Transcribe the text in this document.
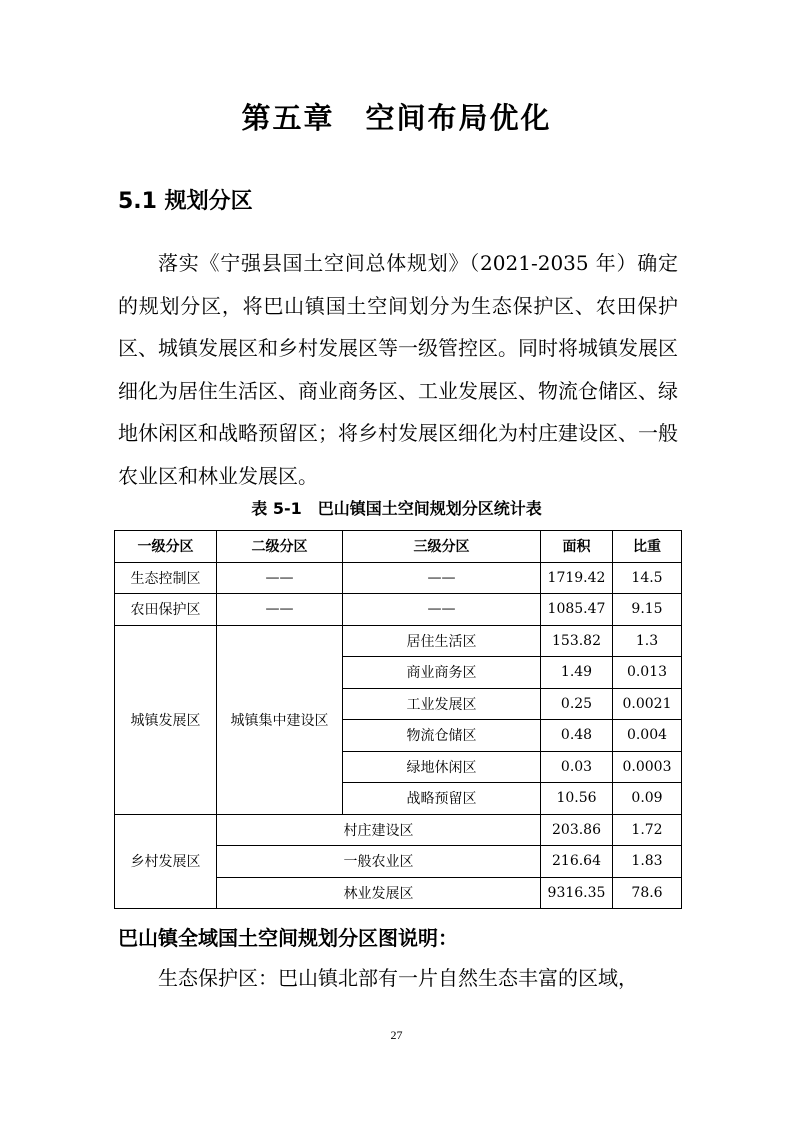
第五章　空间布局优化
5.1 规划分区

落实《宁强县国土空间总体规划》（2021-2035 年）确定的规划分区，将巴山镇国土空间划分为生态保护区、农田保护区、城镇发展区和乡村发展区等一级管控区。同时将城镇发展区细化为居住生活区、商业商务区、工业发展区、物流仓储区、绿地休闲区和战略预留区；将乡村发展区细化为村庄建设区、一般农业区和林业发展区。

表 5-1　巴山镇国土空间规划分区统计表
一级分区	二级分区	三级分区	面积	比重
生态控制区	——	——	1719.42	14.5
农田保护区	——	——	1085.47	9.15
城镇发展区	城镇集中建设区	居住生活区	153.82	1.3
		商业商务区	1.49	0.013
		工业发展区	0.25	0.0021
		物流仓储区	0.48	0.004
		绿地休闲区	0.03	0.0003
		战略预留区	10.56	0.09
乡村发展区	村庄建设区		203.86	1.72
	一般农业区		216.64	1.83
	林业发展区		9316.35	78.6
巴山镇全域国土空间规划分区图说明：

生态保护区：巴山镇北部有一片自然生态丰富的区域，

27
